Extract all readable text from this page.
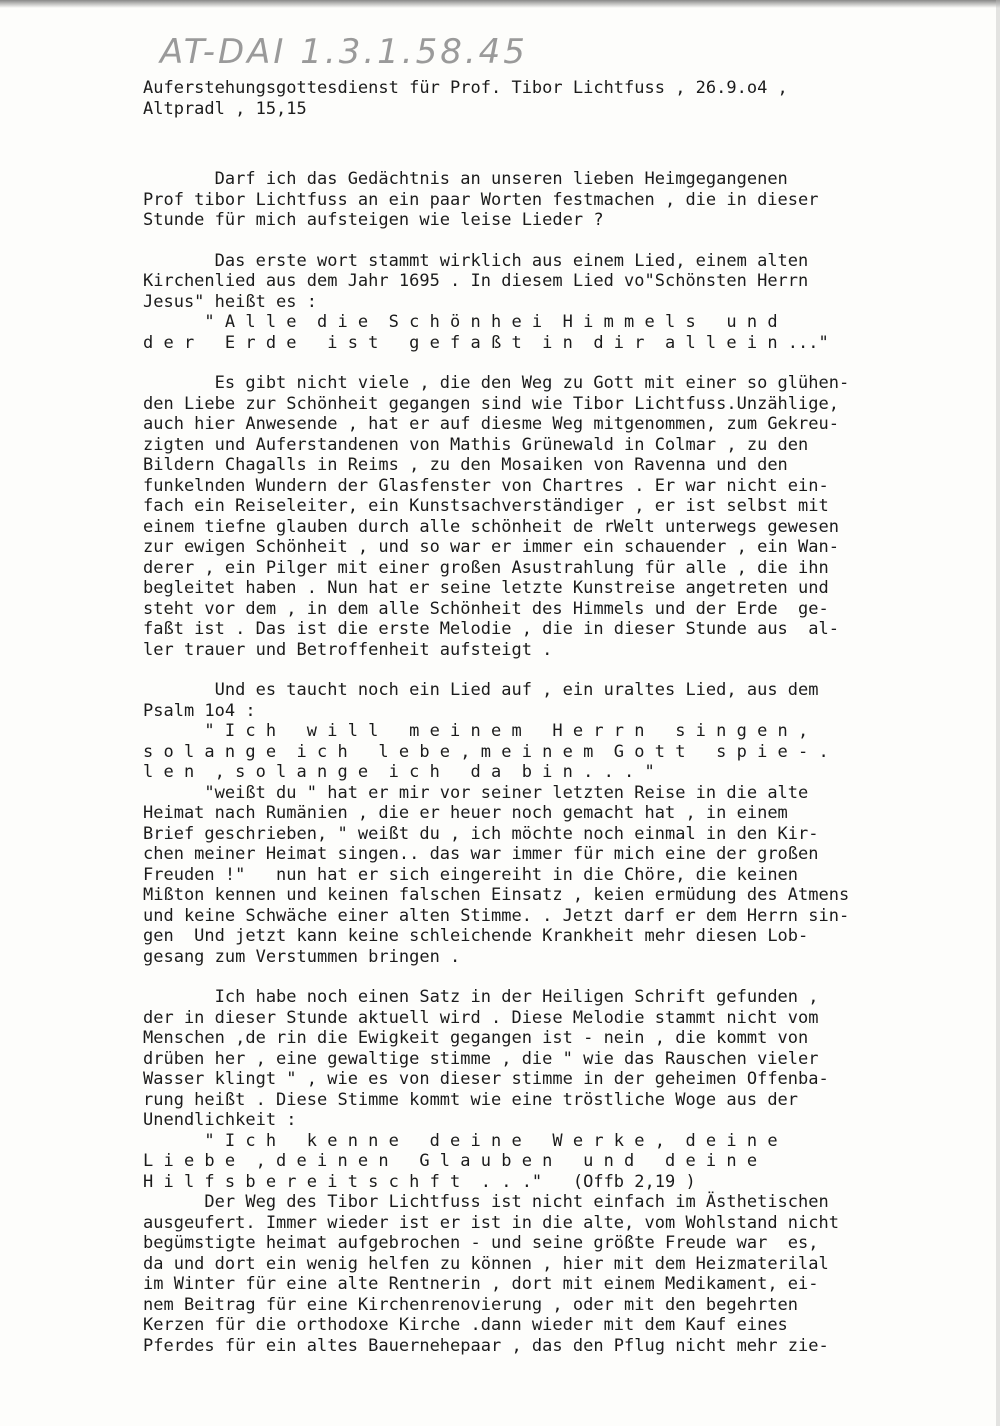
AT-DAI 1.3.1.58.45
Auferstehungsgottesdienst für Prof. Tibor Lichtfuss , 26.9.o4 ,
Altpradl , 15,15
Darf ich das Gedächtnis an unseren lieben Heimgegangenen
Prof tibor Lichtfuss an ein paar Worten festmachen , die in dieser
Stunde für mich aufsteigen wie leise Lieder ?
Das erste wort stammt wirklich aus einem Lied, einem alten
Kirchenlied aus dem Jahr 1695 . In diesem Lied vo"Schönsten Herrn
Jesus" heißt es :
" A l l e  d i e  S c h ö n h e i  H i m m e l s   u n d
d e r   E r d e   i s t   g e f a ß t  i n  d i r  a l l e i n ..."
Es gibt nicht viele , die den Weg zu Gott mit einer so glühen-
den Liebe zur Schönheit gegangen sind wie Tibor Lichtfuss.Unzählige,
auch hier Anwesende , hat er auf diesme Weg mitgenommen, zum Gekreu-
zigten und Auferstandenen von Mathis Grünewald in Colmar , zu den
Bildern Chagalls in Reims , zu den Mosaiken von Ravenna und den
funkelnden Wundern der Glasfenster von Chartres . Er war nicht ein-
fach ein Reiseleiter, ein Kunstsachverständiger , er ist selbst mit
einem tiefne glauben durch alle schönheit de rWelt unterwegs gewesen
zur ewigen Schönheit , und so war er immer ein schauender , ein Wan-
derer , ein Pilger mit einer großen Asustrahlung für alle , die ihn
begleitet haben . Nun hat er seine letzte Kunstreise angetreten und
steht vor dem , in dem alle Schönheit des Himmels und der Erde  ge-
faßt ist . Das ist die erste Melodie , die in dieser Stunde aus  al-
ler trauer und Betroffenheit aufsteigt .
Und es taucht noch ein Lied auf , ein uraltes Lied, aus dem
Psalm 1o4 :
" I c h   w i l l   m e i n e m   H e r r n   s i n g e n ,
s o l a n g e  i c h   l e b e , m e i n e m  G o t t   s p i e - .
l e n  , s o l a n g e  i c h   d a  b i n . . . "
"weißt du " hat er mir vor seiner letzten Reise in die alte
Heimat nach Rumänien , die er heuer noch gemacht hat , in einem
Brief geschrieben, " weißt du , ich möchte noch einmal in den Kir-
chen meiner Heimat singen.. das war immer für mich eine der großen
Freuden !"   nun hat er sich eingereiht in die Chöre, die keinen
Mißton kennen und keinen falschen Einsatz , keien ermüdung des Atmens
und keine Schwäche einer alten Stimme. . Jetzt darf er dem Herrn sin-
gen  Und jetzt kann keine schleichende Krankheit mehr diesen Lob-
gesang zum Verstummen bringen .
Ich habe noch einen Satz in der Heiligen Schrift gefunden ,
der in dieser Stunde aktuell wird . Diese Melodie stammt nicht vom
Menschen ,de rin die Ewigkeit gegangen ist - nein , die kommt von
drüben her , eine gewaltige stimme , die " wie das Rauschen vieler
Wasser klingt " , wie es von dieser stimme in der geheimen Offenba-
rung heißt . Diese Stimme kommt wie eine tröstliche Woge aus der
Unendlichkeit :
" I c h   k e n n e   d e i n e   W e r k e ,  d e i n e
L i e b e  , d e i n e n   G l a u b e n   u n d   d e i n e
H i l f s b e r e i t s c h f t  . . ."   (Offb 2,19 )
Der Weg des Tibor Lichtfuss ist nicht einfach im Ästhetischen
ausgeufert. Immer wieder ist er ist in die alte, vom Wohlstand nicht
begümstigte heimat aufgebrochen - und seine größte Freude war  es,
da und dort ein wenig helfen zu können , hier mit dem Heizmaterilal
im Winter für eine alte Rentnerin , dort mit einem Medikament, ei-
nem Beitrag für eine Kirchenrenovierung , oder mit den begehrten
Kerzen für die orthodoxe Kirche .dann wieder mit dem Kauf eines
Pferdes für ein altes Bauernehepaar , das den Pflug nicht mehr zie-
